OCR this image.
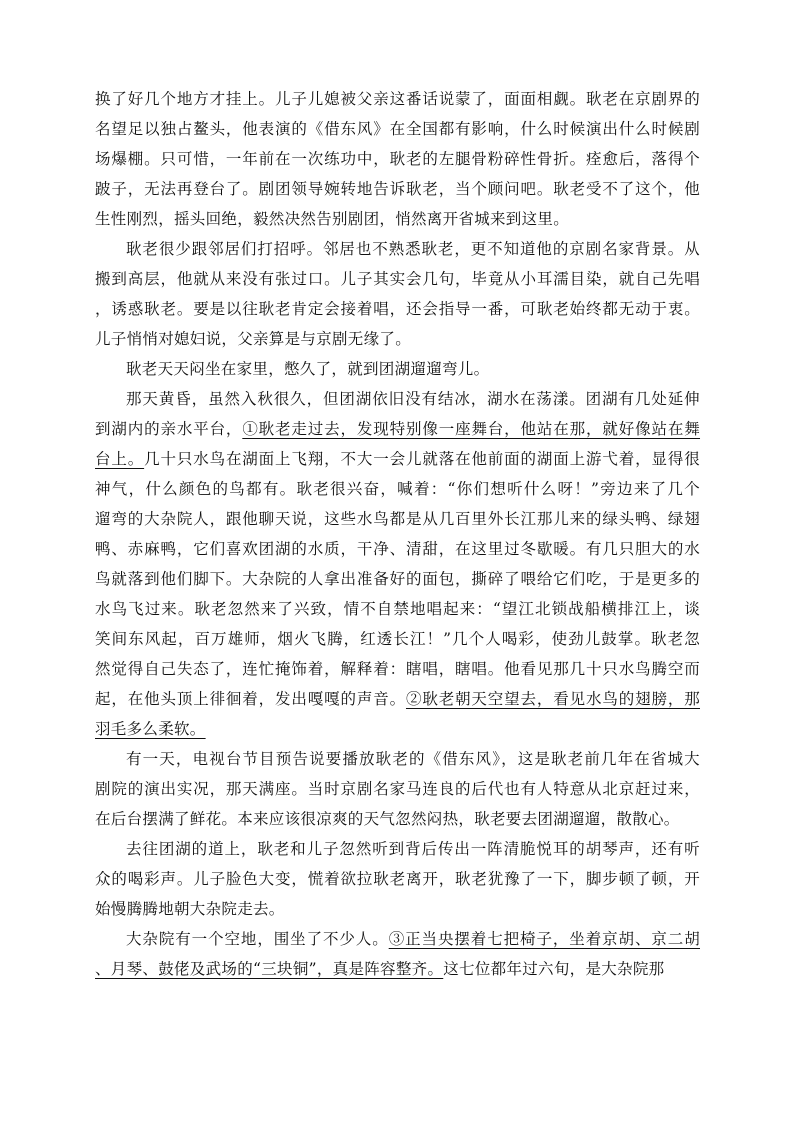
换了好几个地方才挂上。儿子儿媳被父亲这番话说蒙了，面面相觑。耿老在京剧界的
名望足以独占鳌头，他表演的《借东风》在全国都有影响，什么时候演出什么时候剧
场爆棚。只可惜，一年前在一次练功中，耿老的左腿骨粉碎性骨折。痊愈后，落得个
跛子，无法再登台了。剧团领导婉转地告诉耿老，当个顾问吧。耿老受不了这个，他
生性刚烈，摇头回绝，毅然决然告别剧团，悄然离开省城来到这里。
耿老很少跟邻居们打招呼。邻居也不熟悉耿老，更不知道他的京剧名家背景。从
搬到高层，他就从来没有张过口。儿子其实会几句，毕竟从小耳濡目染，就自己先唱
，诱惑耿老。要是以往耿老肯定会接着唱，还会指导一番，可耿老始终都无动于衷。
儿子悄悄对媳妇说，父亲算是与京剧无缘了。
耿老天天闷坐在家里，憋久了，就到团湖遛遛弯儿。
那天黄昏，虽然入秋很久，但团湖依旧没有结冰，湖水在荡漾。团湖有几处延伸
到湖内的亲水平台，①耿老走过去，发现特别像一座舞台，他站在那，就好像站在舞
台上。几十只水鸟在湖面上飞翔，不大一会儿就落在他前面的湖面上游弋着，显得很
神气，什么颜色的鸟都有。耿老很兴奋，喊着：“你们想听什么呀！”旁边来了几个
遛弯的大杂院人，跟他聊天说，这些水鸟都是从几百里外长江那儿来的绿头鸭、绿翅
鸭、赤麻鸭，它们喜欢团湖的水质，干净、清甜，在这里过冬歇暖。有几只胆大的水
鸟就落到他们脚下。大杂院的人拿出准备好的面包，撕碎了喂给它们吃，于是更多的
水鸟飞过来。耿老忽然来了兴致，情不自禁地唱起来：“望江北锁战船横排江上，谈
笑间东风起，百万雄师，烟火飞腾，红透长江！”几个人喝彩，使劲儿鼓掌。耿老忽
然觉得自己失态了，连忙掩饰着，解释着：瞎唱，瞎唱。他看见那几十只水鸟腾空而
起，在他头顶上徘徊着，发出嘎嘎的声音。②耿老朝天空望去，看见水鸟的翅膀，那
羽毛多么柔软。
有一天，电视台节目预告说要播放耿老的《借东风》，这是耿老前几年在省城大
剧院的演出实况，那天满座。当时京剧名家马连良的后代也有人特意从北京赶过来，
在后台摆满了鲜花。本来应该很凉爽的天气忽然闷热，耿老要去团湖遛遛，散散心。
去往团湖的道上，耿老和儿子忽然听到背后传出一阵清脆悦耳的胡琴声，还有听
众的喝彩声。儿子脸色大变，慌着欲拉耿老离开，耿老犹豫了一下，脚步顿了顿，开
始慢腾腾地朝大杂院走去。
大杂院有一个空地，围坐了不少人。③正当央摆着七把椅子，坐着京胡、京二胡
、月琴、鼓佬及武场的“三块铜”，真是阵容整齐。这七位都年过六旬，是大杂院那
